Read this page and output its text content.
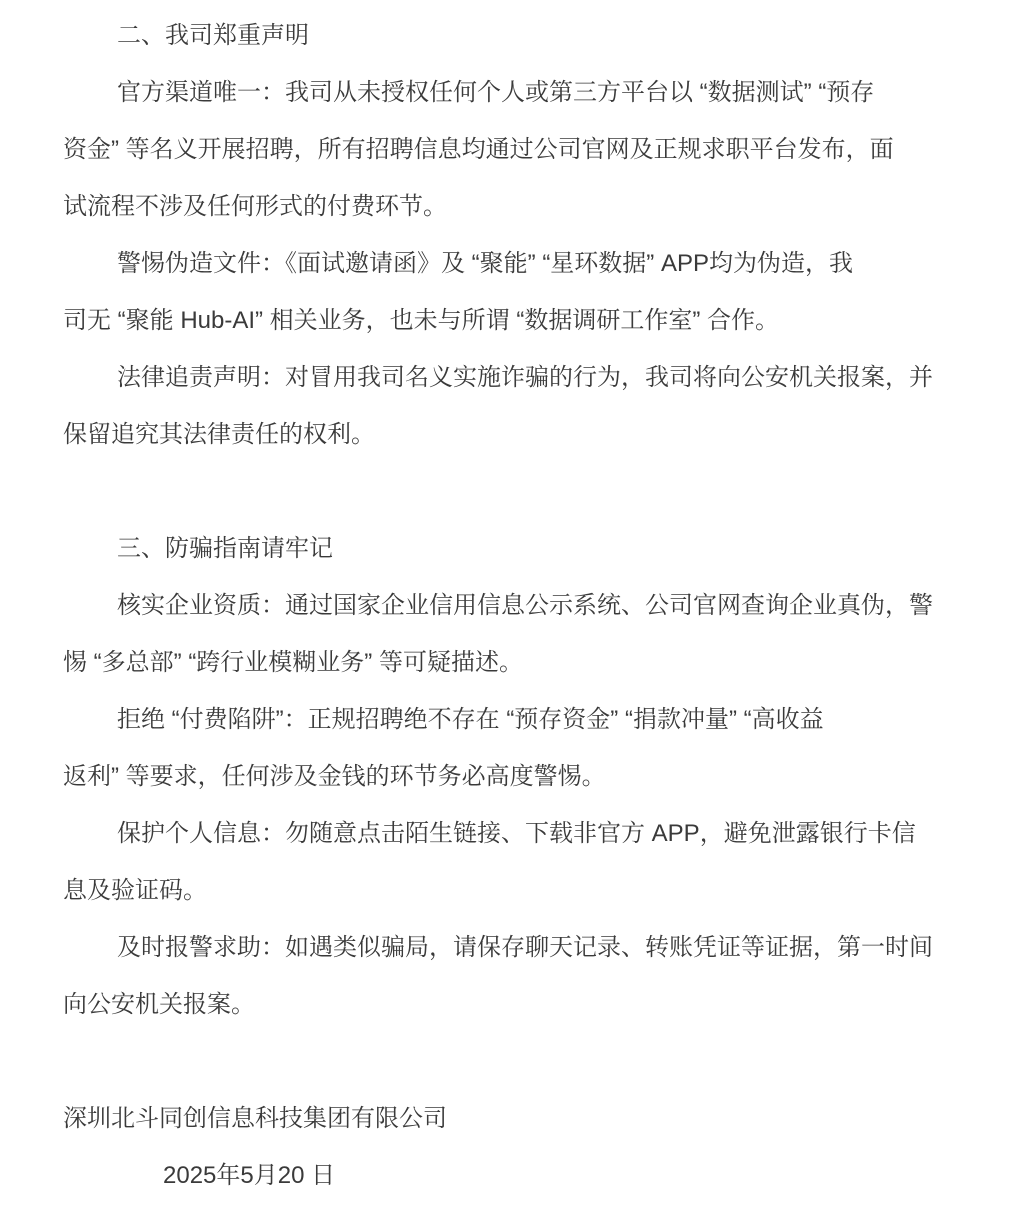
二、我司郑重声明
官方渠道唯一：我司从未授权任何个人或第三方平台以 “数据测试” “预存
资金” 等名义开展招聘，所有招聘信息均通过公司官网及正规求职平台发布，面
试流程不涉及任何形式的付费环节。
警惕伪造文件：《面试邀请函》及 “聚能” “星环数据” APP均为伪造，我
司无 “聚能 Hub-AI” 相关业务，也未与所谓 “数据调研工作室” 合作。
法律追责声明：对冒用我司名义实施诈骗的行为，我司将向公安机关报案，并
保留追究其法律责任的权利。
三、防骗指南请牢记
核实企业资质：通过国家企业信用信息公示系统、公司官网查询企业真伪，警
惕 “多总部” “跨行业模糊业务” 等可疑描述。
拒绝 “付费陷阱”：正规招聘绝不存在 “预存资金” “捐款冲量” “高收益
返利” 等要求，任何涉及金钱的环节务必高度警惕。
保护个人信息：勿随意点击陌生链接、下载非官方 APP，避免泄露银行卡信
息及验证码。
及时报警求助：如遇类似骗局，请保存聊天记录、转账凭证等证据，第一时间
向公安机关报案。
深圳北斗同创信息科技集团有限公司
2025年5月20 日
